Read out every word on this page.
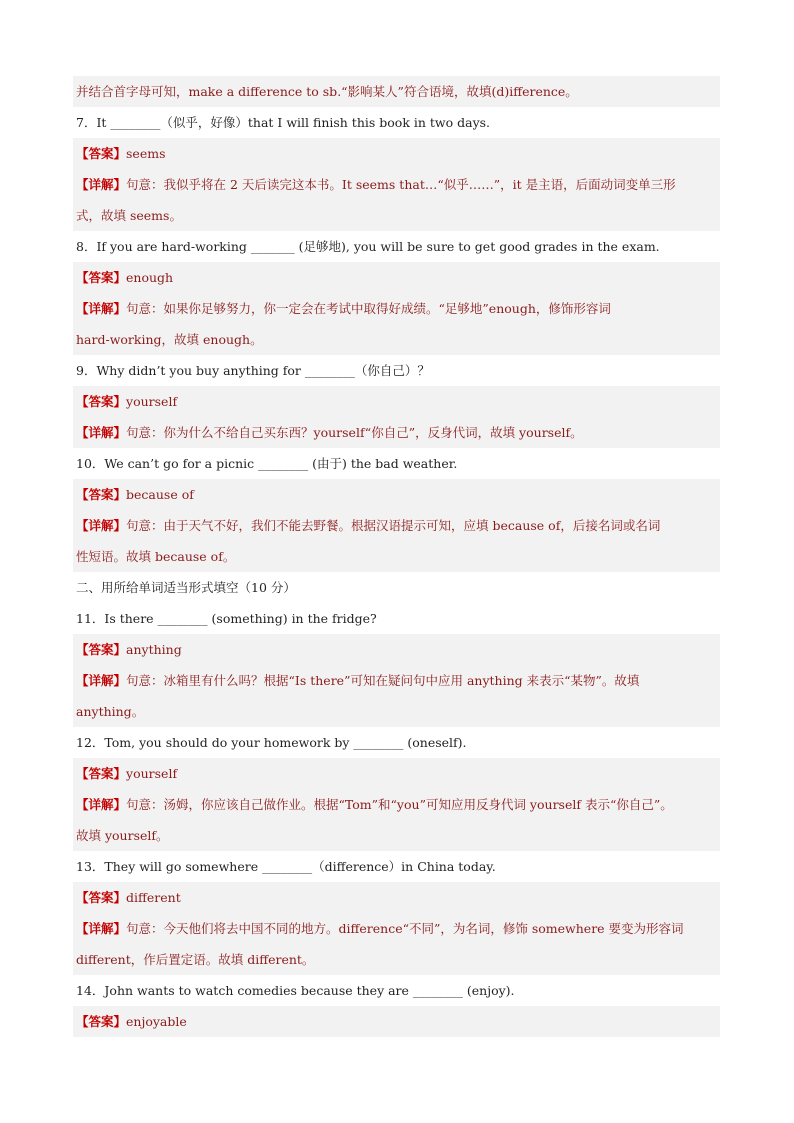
并结合首字母可知，make a difference to sb.“影响某人”符合语境，故填(d)ifference。
7．It ________（似乎，好像）that I will finish this book in two days.
【答案】seems
【详解】句意：我似乎将在 2 天后读完这本书。It seems that…“似乎……”，it 是主语，后面动词变单三形
式，故填 seems。
8．If you are hard-working _______ (足够地), you will be sure to get good grades in the exam.
【答案】enough
【详解】句意：如果你足够努力，你一定会在考试中取得好成绩。“足够地”enough，修饰形容词
hard-working，故填 enough。
9．Why didn’t you buy anything for ________（你自己）？
【答案】yourself
【详解】句意：你为什么不给自己买东西？yourself“你自己”，反身代词，故填 yourself。
10．We can’t go for a picnic ________ (由于) the bad weather.
【答案】because of
【详解】句意：由于天气不好，我们不能去野餐。根据汉语提示可知，应填 because of，后接名词或名词
性短语。故填 because of。
二、用所给单词适当形式填空（10 分）
11．Is there ________ (something) in the fridge?
【答案】anything
【详解】句意：冰箱里有什么吗？根据“Is there”可知在疑问句中应用 anything 来表示“某物”。故填
anything。
12．Tom, you should do your homework by ________ (oneself).
【答案】yourself
【详解】句意：汤姆，你应该自己做作业。根据“Tom”和“you”可知应用反身代词 yourself 表示“你自己”。
故填 yourself。
13．They will go somewhere ________（difference）in China today.
【答案】different
【详解】句意：今天他们将去中国不同的地方。difference“不同”，为名词，修饰 somewhere 要变为形容词
different，作后置定语。故填 different。
14．John wants to watch comedies because they are ________ (enjoy).
【答案】enjoyable
